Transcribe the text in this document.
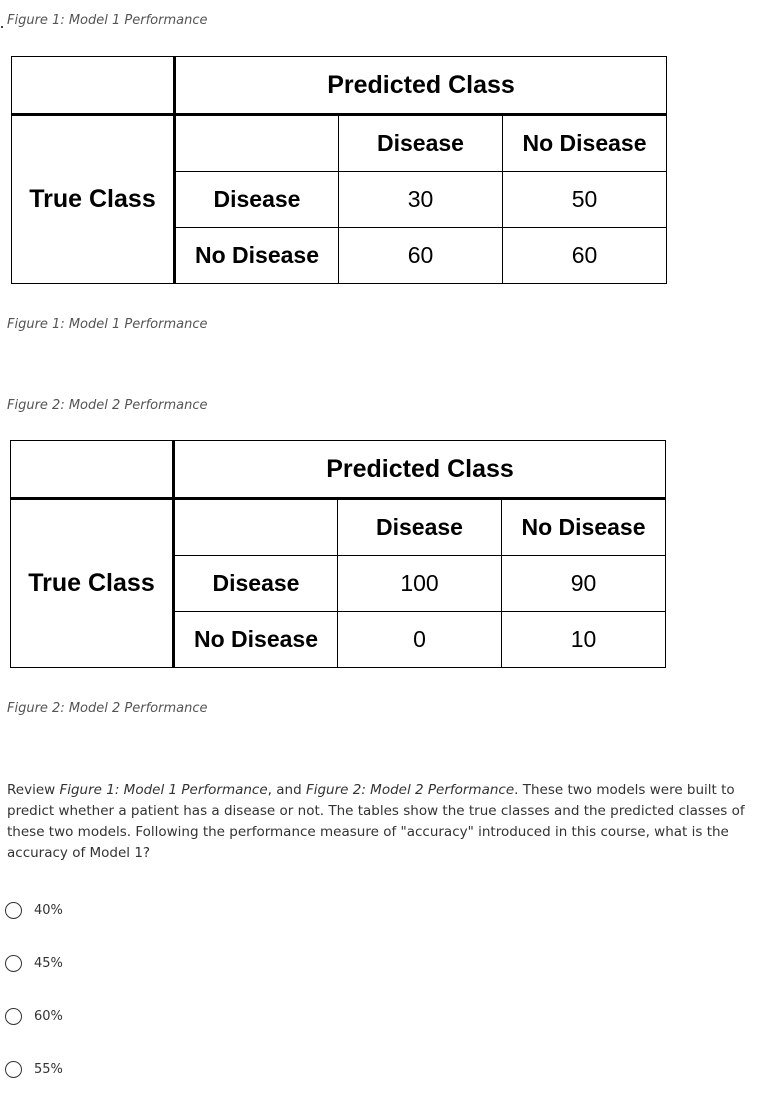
Figure 1: Model 1 Performance
	Predicted Class		
True Class		Disease	No Disease
	Disease	30	50
	No Disease	60	60
Figure 1: Model 1 Performance
Figure 2: Model 2 Performance
	Predicted Class		
True Class		Disease	No Disease
	Disease	100	90
	No Disease	0	10
Figure 2: Model 2 Performance
Review Figure 1: Model 1 Performance, and Figure 2: Model 2 Performance. These two models were built to predict whether a patient has a disease or not. The tables show the true classes and the predicted classes of these two models. Following the performance measure of "accuracy" introduced in this course, what is the accuracy of Model 1?
40%
45%
60%
55%
